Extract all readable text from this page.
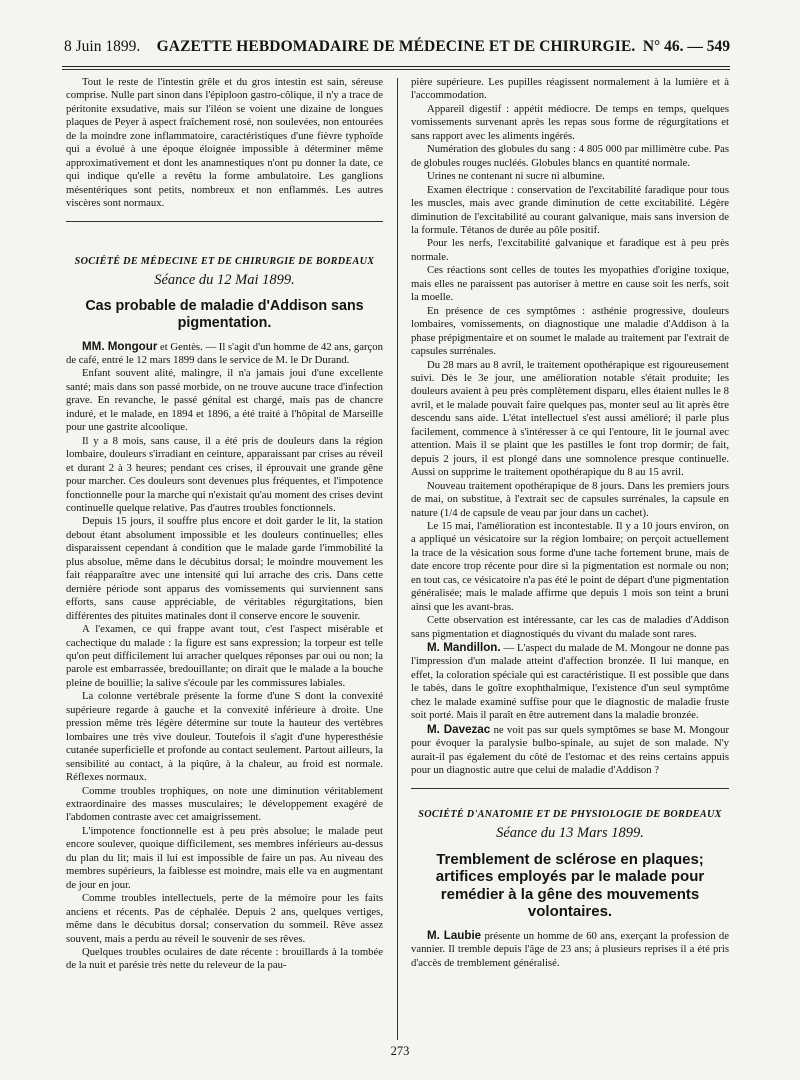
8 Juin 1899.	GAZETTE HEBDOMADAIRE DE MÉDECINE ET DE CHIRURGIE. N° 46. — 549

Tout le reste de l'intestin grêle et du gros intestin est sain, séreuse comprise. Nulle part sinon dans l'épiploon gastro-côlique, il n'y a trace de péritonite exsudative, mais sur l'iléon se voient une dizaine de longues plaques de Peyer à aspect fraîchement rosé, non soulevées, non entourées de la moindre zone inflammatoire, caractéristiques d'une fièvre typhoïde qui a évolué à une époque éloignée impossible à déterminer même approximativement et dont les anamnestiques n'ont pu donner la date, ce qui indique qu'elle a revêtu la forme ambulatoire. Les ganglions mésentériques sont petits, nombreux et non enflammés. Les autres viscères sont normaux.

SOCIÉTÉ DE MÉDECINE ET DE CHIRURGIE DE BORDEAUX
Séance du 12 Mai 1899.
Cas probable de maladie d'Addison sans pigmentation.

MM. Mongour et Gentès. — Il s'agit d'un homme de 42 ans, garçon de café, entré le 12 mars 1899 dans le service de M. le Dr Durand.

Enfant souvent alité, malingre, il n'a jamais joui d'une excellente santé; mais dans son passé morbide, on ne trouve aucune trace d'infection grave. En revanche, le passé génital est chargé, mais pas de chancre induré, et le malade, en 1894 et 1896, a été traité à l'hôpital de Marseille pour une gastrite alcoolique.

Il y a 8 mois, sans cause, il a été pris de douleurs dans la région lombaire, douleurs s'irradiant en ceinture, apparaissant par crises au réveil et durant 2 à 3 heures; pendant ces crises, il éprouvait une grande gêne pour marcher. Ces douleurs sont devenues plus fréquentes, et l'impotence fonctionnelle pour la marche qui n'existait qu'au moment des crises devint continuelle quelque relative. Pas d'autres troubles fonctionnels.

Depuis 15 jours, il souffre plus encore et doit garder le lit, la station debout étant absolument impossible et les douleurs continuelles; elles disparaissent cependant à condition que le malade garde l'immobilité la plus absolue, même dans le décubitus dorsal; le moindre mouvement les fait réapparaître avec une intensité qui lui arrache des cris. Dans cette dernière période sont apparus des vomissements qui surviennent sans efforts, sans cause appréciable, de véritables régurgitations, bien différentes des pituites matinales dont il conserve encore le souvenir.

A l'examen, ce qui frappe avant tout, c'est l'aspect misérable et cachectique du malade : la figure est sans expression; la torpeur est telle qu'on peut difficilement lui arracher quelques réponses par oui ou non; la parole est embarrassée, bredouillante; on dirait que le malade a la bouche pleine de bouillie; la salive s'écoule par les commissures labiales.

La colonne vertébrale présente la forme d'une S dont la convexité supérieure regarde à gauche et la convexité inférieure à droite. Une pression même très légère détermine sur toute la hauteur des vertèbres lombaires une très vive douleur. Toutefois il s'agit d'une hyperesthésie cutanée superficielle et profonde au contact seulement. Partout ailleurs, la sensibilité au contact, à la piqûre, à la chaleur, au froid est normale. Réflexes normaux.

Comme troubles trophiques, on note une diminution véritablement extraordinaire des masses musculaires; le développement exagéré de l'abdomen contraste avec cet amaigrissement.

L'impotence fonctionnelle est à peu près absolue; le malade peut encore soulever, quoique difficilement, ses membres inférieurs au-dessus du plan du lit; mais il lui est impossible de faire un pas. Au niveau des membres supérieurs, la faiblesse est moindre, mais elle va en augmentant de jour en jour.

Comme troubles intellectuels, perte de la mémoire pour les faits anciens et récents. Pas de céphalée. Depuis 2 ans, quelques vertiges, même dans le décubitus dorsal; conservation du sommeil. Rêve assez souvent, mais a perdu au réveil le souvenir de ses rêves.

Quelques troubles oculaires de date récente : brouillards à la tombée de la nuit et parésie très nette du releveur de la pau-

pière supérieure. Les pupilles réagissent normalement à la lumière et à l'accommodation.

Appareil digestif : appétit médiocre. De temps en temps, quelques vomissements survenant après les repas sous forme de régurgitations et sans rapport avec les aliments ingérés.

Numération des globules du sang : 4 805 000 par millimètre cube. Pas de globules rouges nucléés. Globules blancs en quantité normale.

Urines ne contenant ni sucre ni albumine.

Examen électrique : conservation de l'excitabilité faradique pour tous les muscles, mais avec grande diminution de cette excitabilité. Légère diminution de l'excitabilité au courant galvanique, mais sans inversion de la formule. Tétanos de durée au pôle positif.

Pour les nerfs, l'excitabilité galvanique et faradique est à peu près normale.

Ces réactions sont celles de toutes les myopathies d'origine toxique, mais elles ne paraissent pas autoriser à mettre en cause soit les nerfs, soit la moelle.

En présence de ces symptômes : asthénie progressive, douleurs lombaires, vomissements, on diagnostique une maladie d'Addison à la phase prépigmentaire et on soumet le malade au traitement par l'extrait de capsules surrénales.

Du 28 mars au 8 avril, le traitement opothérapique est rigoureusement suivi. Dès le 3e jour, une amélioration notable s'était produite; les douleurs avaient à peu près complètement disparu, elles étaient nulles le 8 avril, et le malade pouvait faire quelques pas, monter seul au lit après être descendu sans aide. L'état intellectuel s'est aussi amélioré; il parle plus facilement, commence à s'intéresser à ce qui l'entoure, lit le journal avec attention. Mais il se plaint que les pastilles le font trop dormir; de fait, depuis 2 jours, il est plongé dans une somnolence presque continuelle. Aussi on supprime le traitement opothérapique du 8 au 15 avril.

Nouveau traitement opothérapique de 8 jours. Dans les premiers jours de mai, on substitue, à l'extrait sec de capsules surrénales, la capsule en nature (1/4 de capsule de veau par jour dans un cachet).

Le 15 mai, l'amélioration est incontestable. Il y a 10 jours environ, on a appliqué un vésicatoire sur la région lombaire; on perçoit actuellement la trace de la vésication sous forme d'une tache fortement brune, mais de date encore trop récente pour dire si la pigmentation est normale ou non; en tout cas, ce vésicatoire n'a pas été le point de départ d'une pigmentation généralisée; mais le malade affirme que depuis 1 mois son teint a bruni ainsi que les avant-bras.

Cette observation est intéressante, car les cas de maladies d'Addison sans pigmentation et diagnostiqués du vivant du malade sont rares.

M. Mandillon. — L'aspect du malade de M. Mongour ne donne pas l'impression d'un malade atteint d'affection bronzée. Il lui manque, en effet, la coloration spéciale qui est caractéristique. Il est possible que dans le tabès, dans le goître exophthalmique, l'existence d'un seul symptôme chez le malade examiné suffise pour que le diagnostic de maladie fruste soit porté. Mais il paraît en être autrement dans la maladie bronzée.

M. Davezac ne voit pas sur quels symptômes se base M. Mongour pour évoquer la paralysie bulbo-spinale, au sujet de son malade. N'y aurait-il pas également du côté de l'estomac et des reins certains appuis pour un diagnostic autre que celui de maladie d'Addison ?

SOCIÉTÉ D'ANATOMIE ET DE PHYSIOLOGIE DE BORDEAUX
Séance du 13 Mars 1899.
Tremblement de sclérose en plaques; artifices employés par le malade pour remédier à la gêne des mouvements volontaires.

M. Laubie présente un homme de 60 ans, exerçant la profession de vannier. Il tremble depuis l'âge de 23 ans; à plusieurs reprises il a été pris d'accès de tremblement généralisé.

273
